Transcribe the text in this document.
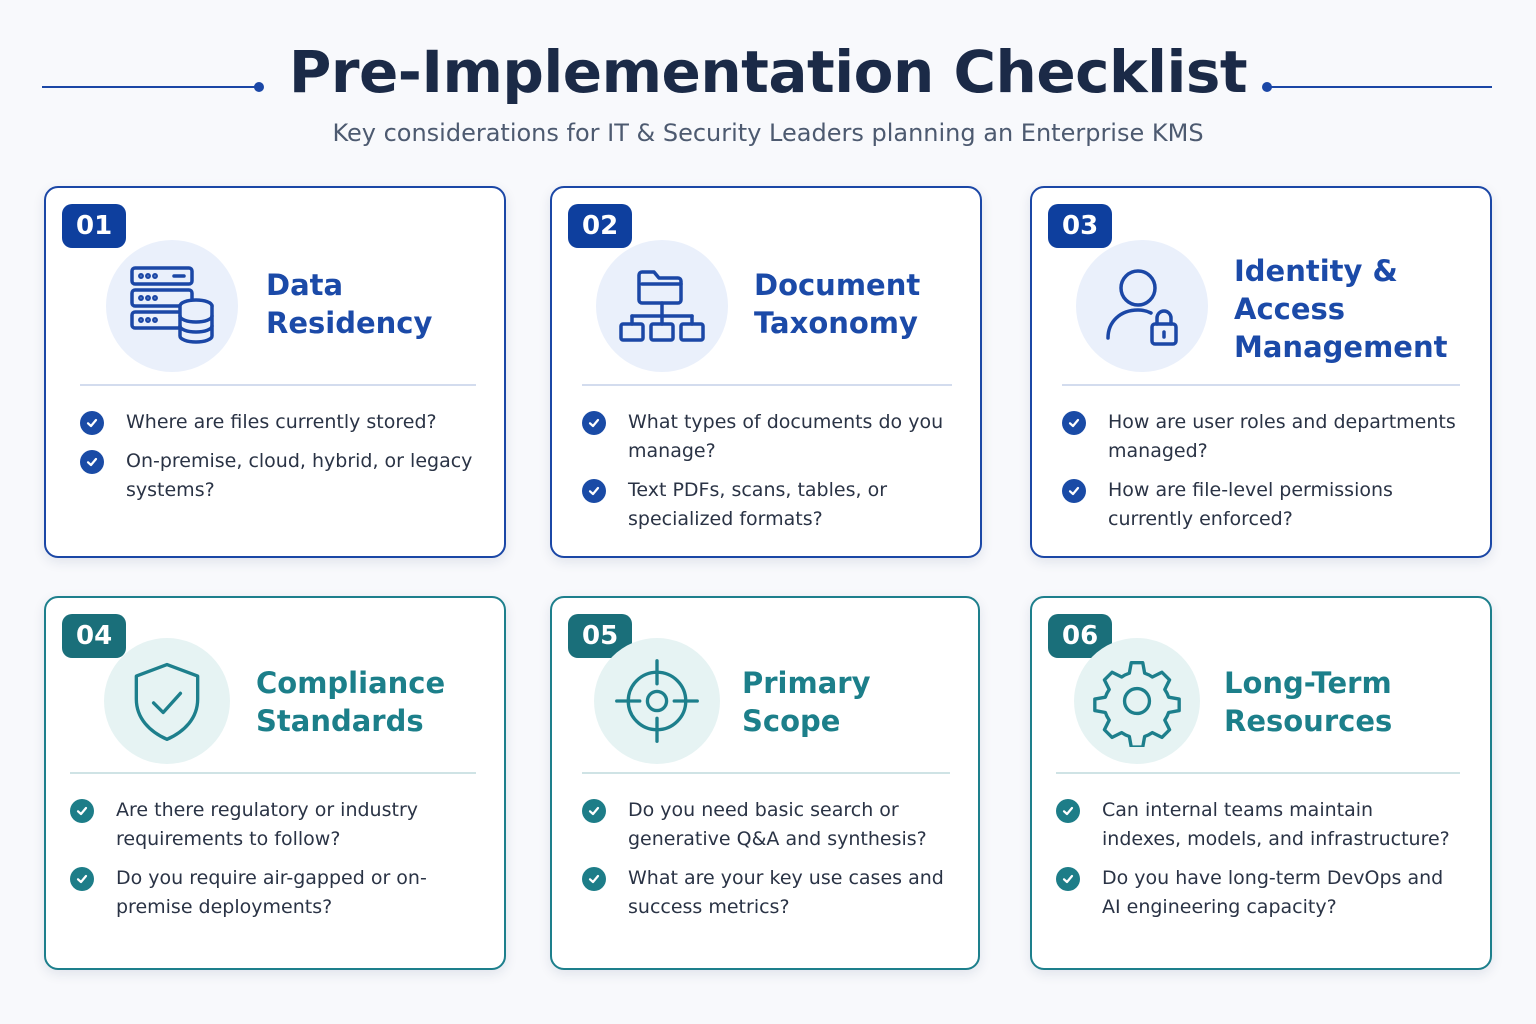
Pre-Implementation Checklist

Key considerations for IT & Security Leaders planning an Enterprise KMS

01
Data
Residency
Where are files currently stored?
On-premise, cloud, hybrid, or legacy systems?
02
Document
Taxonomy
What types of documents do you manage?
Text PDFs, scans, tables, or specialized formats?
03
Identity &
Access
Management
How are user roles and departments managed?
How are file-level permissions currently enforced?
04
Compliance
Standards
Are there regulatory or industry requirements to follow?
Do you require air-gapped or on-premise deployments?
05
Primary
Scope
Do you need basic search or generative Q&A and synthesis?
What are your key use cases and success metrics?
06
Long-Term
Resources
Can internal teams maintain indexes, models, and infrastructure?
Do you have long-term DevOps and AI engineering capacity?
